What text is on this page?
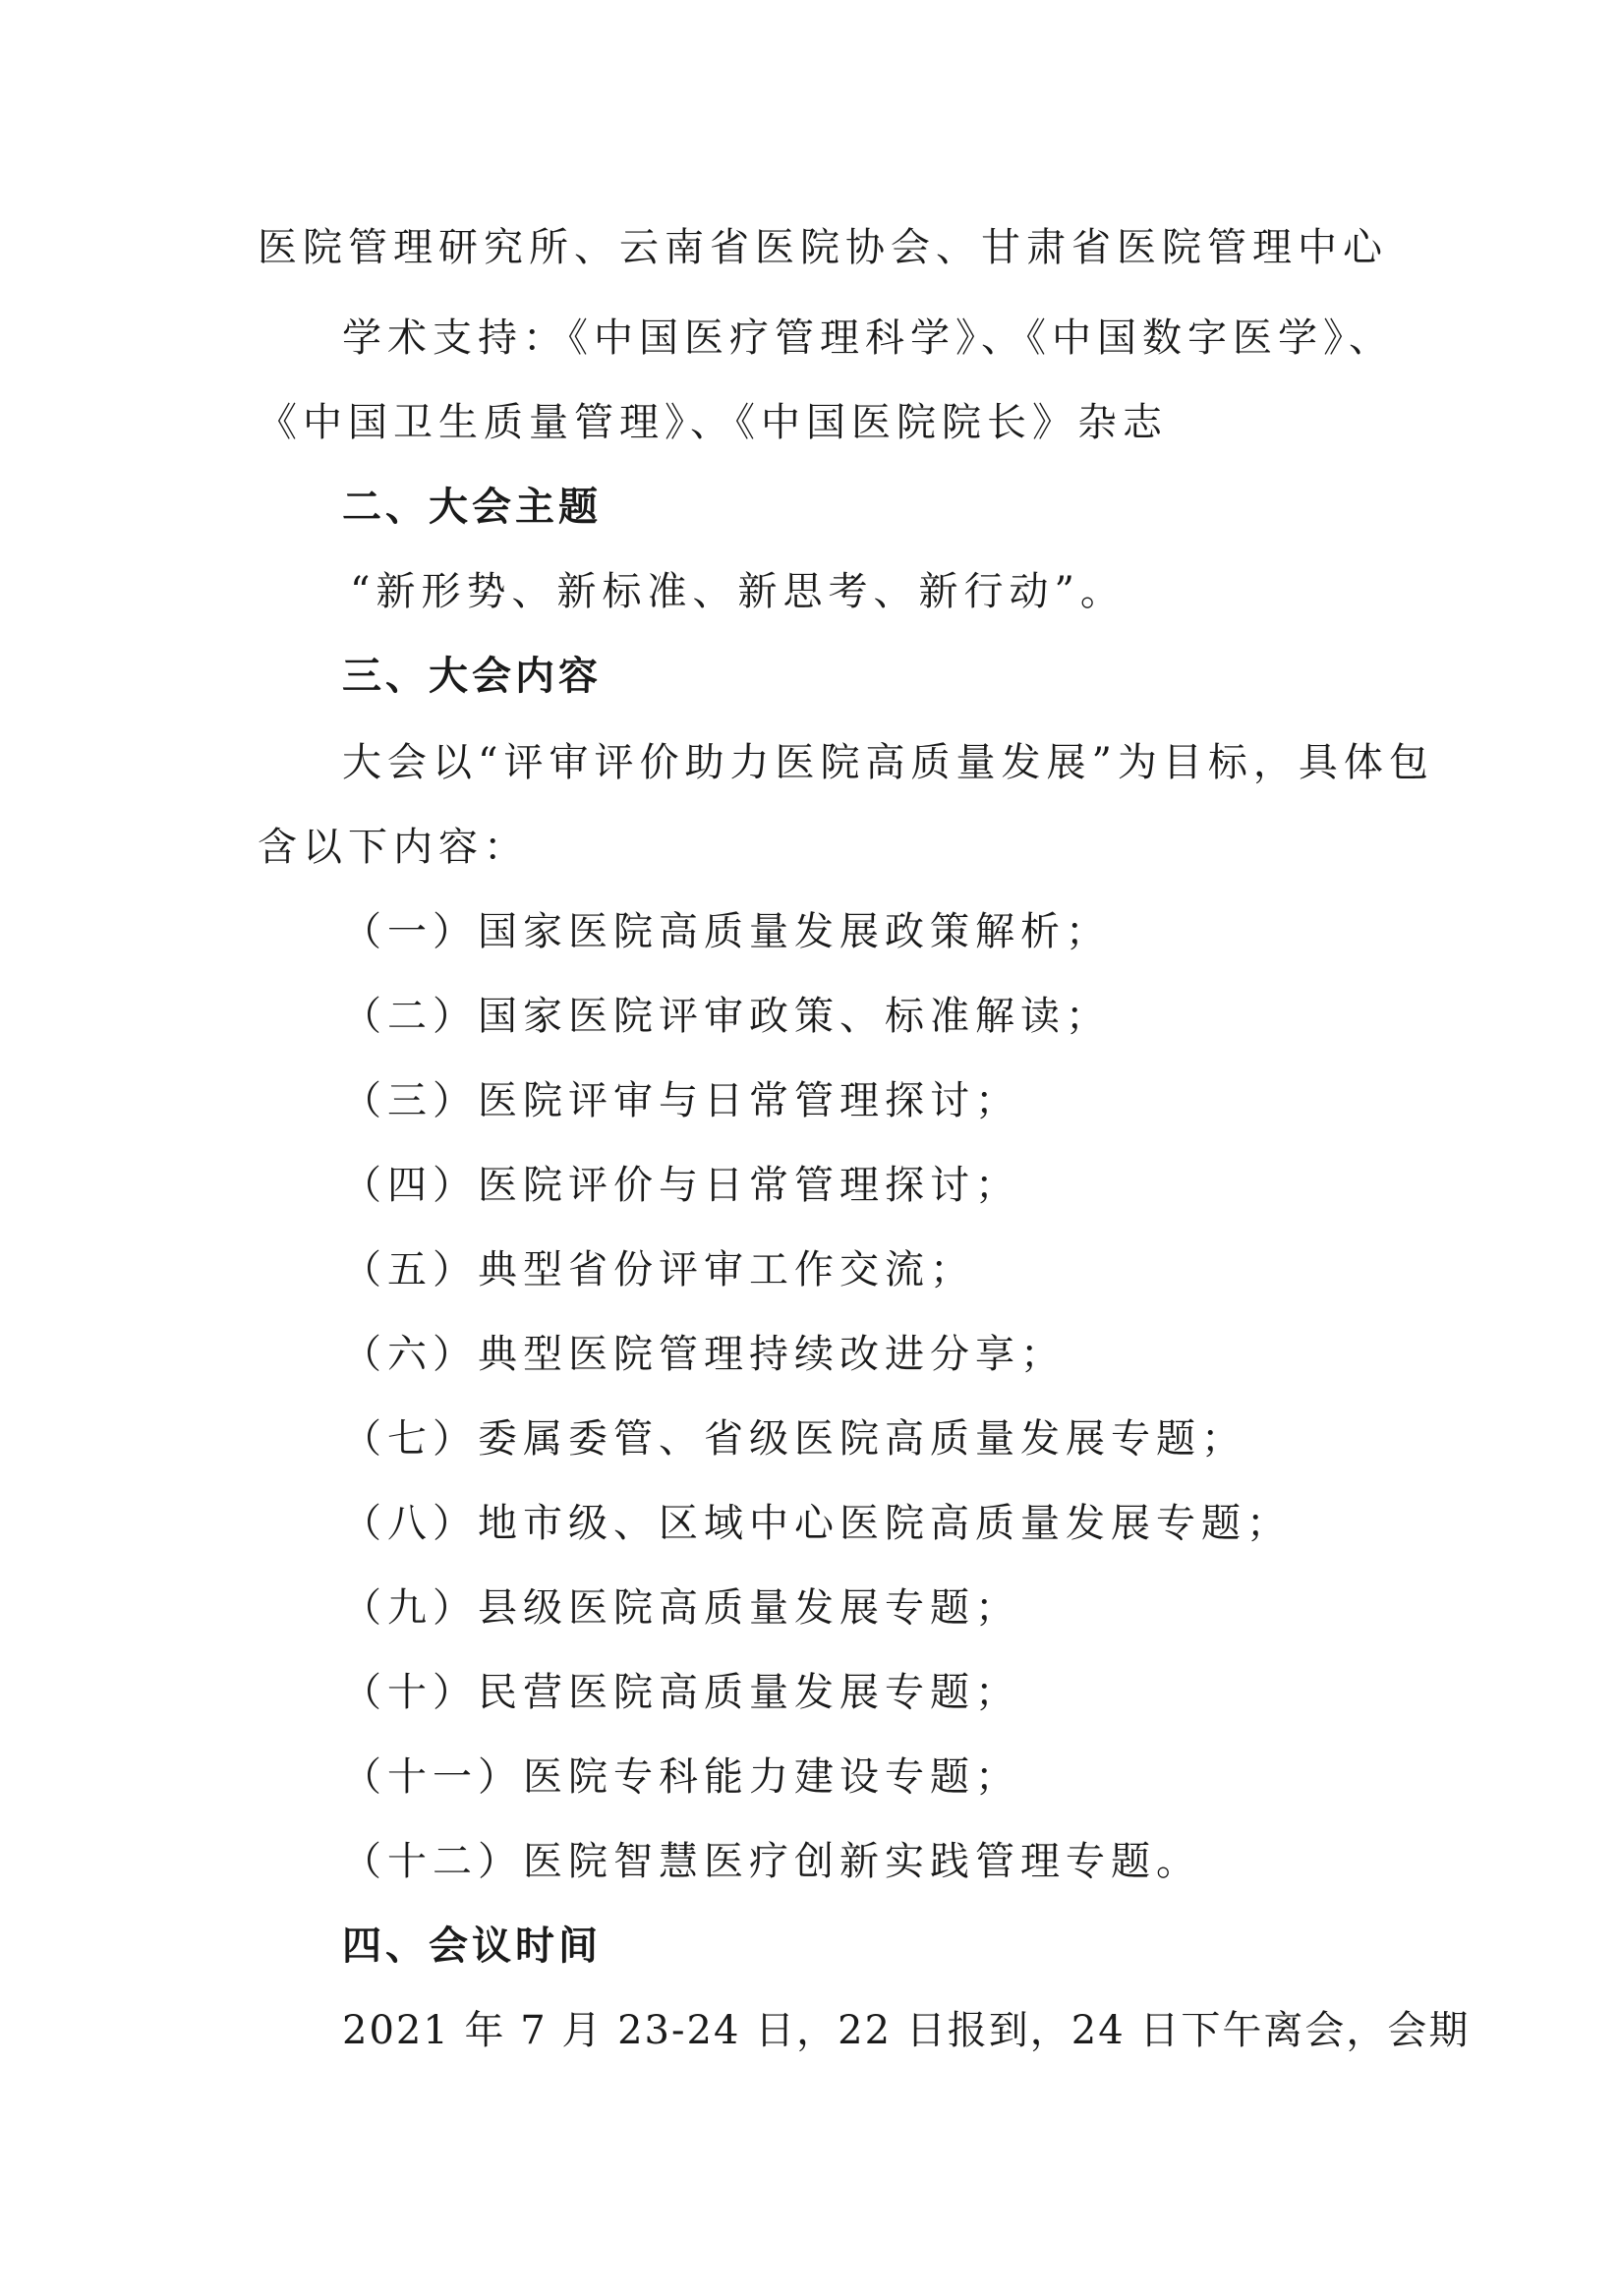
医院管理研究所、云南省医院协会、甘肃省医院管理中心
学术支持：《中国医疗管理科学》、《中国数字医学》、
《中国卫生质量管理》、《中国医院院长》杂志
二、大会主题
“新形势、新标准、新思考、新行动”。
三、大会内容
大会以“评审评价助力医院高质量发展”为目标，具体包
含以下内容：
（一）国家医院高质量发展政策解析；
（二）国家医院评审政策、标准解读；
（三）医院评审与日常管理探讨；
（四）医院评价与日常管理探讨；
（五）典型省份评审工作交流；
（六）典型医院管理持续改进分享；
（七）委属委管、省级医院高质量发展专题；
（八）地市级、区域中心医院高质量发展专题；
（九）县级医院高质量发展专题；
（十）民营医院高质量发展专题；
（十一）医院专科能力建设专题；
（十二）医院智慧医疗创新实践管理专题。
四、会议时间
2021 年 7 月 23-24 日，22 日报到，24 日下午离会，会期
